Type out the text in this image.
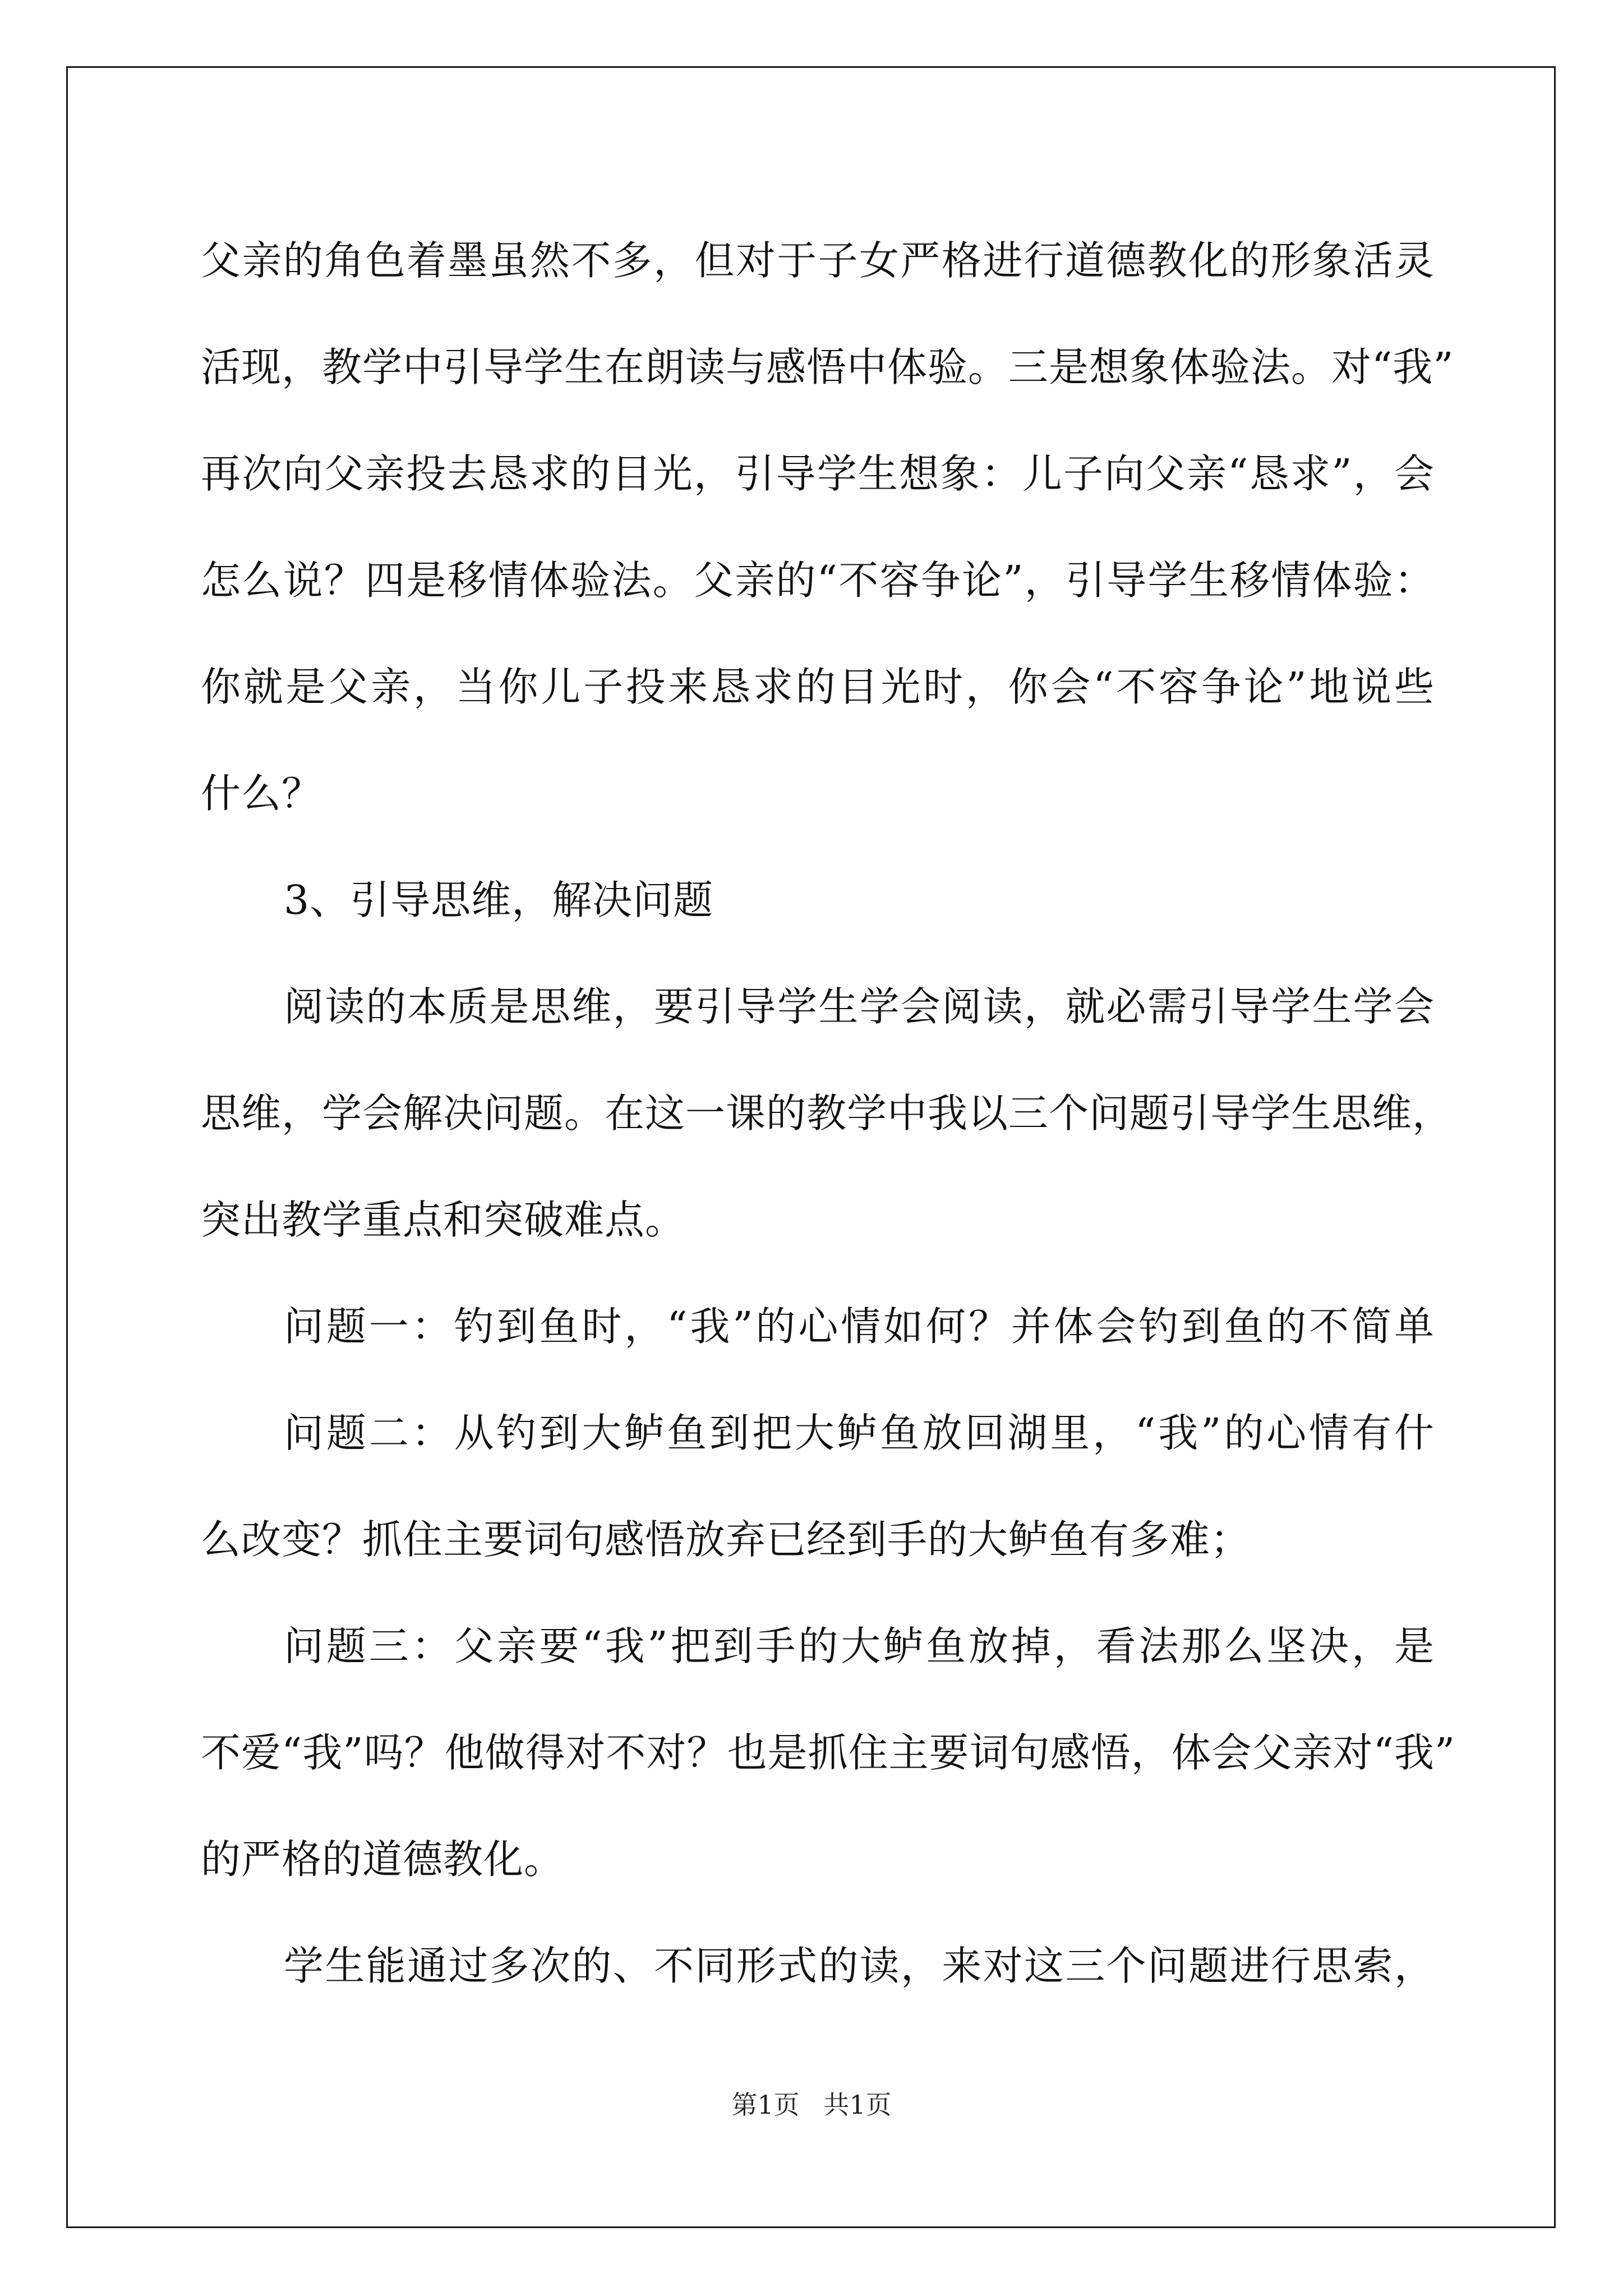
父亲的角色着墨虽然不多，但对于子女严格进行道德教化的形象活灵
活现，教学中引导学生在朗读与感悟中体验。三是想象体验法。对“我”
再次向父亲投去恳求的目光，引导学生想象：儿子向父亲“恳求”，会
怎么说？四是移情体验法。父亲的“不容争论”，引导学生移情体验：
你就是父亲，当你儿子投来恳求的目光时，你会“不容争论”地说些
什么？
3、引导思维，解决问题
阅读的本质是思维，要引导学生学会阅读，就必需引导学生学会
思维，学会解决问题。在这一课的教学中我以三个问题引导学生思维，
突出教学重点和突破难点。
问题一：钓到鱼时，“我”的心情如何？并体会钓到鱼的不简单
问题二：从钓到大鲈鱼到把大鲈鱼放回湖里，“我”的心情有什
么改变？抓住主要词句感悟放弃已经到手的大鲈鱼有多难；
问题三：父亲要“我”把到手的大鲈鱼放掉，看法那么坚决，是
不爱“我”吗？他做得对不对？也是抓住主要词句感悟，体会父亲对“我”
的严格的道德教化。
学生能通过多次的、不同形式的读，来对这三个问题进行思索，
第1页 共1页
